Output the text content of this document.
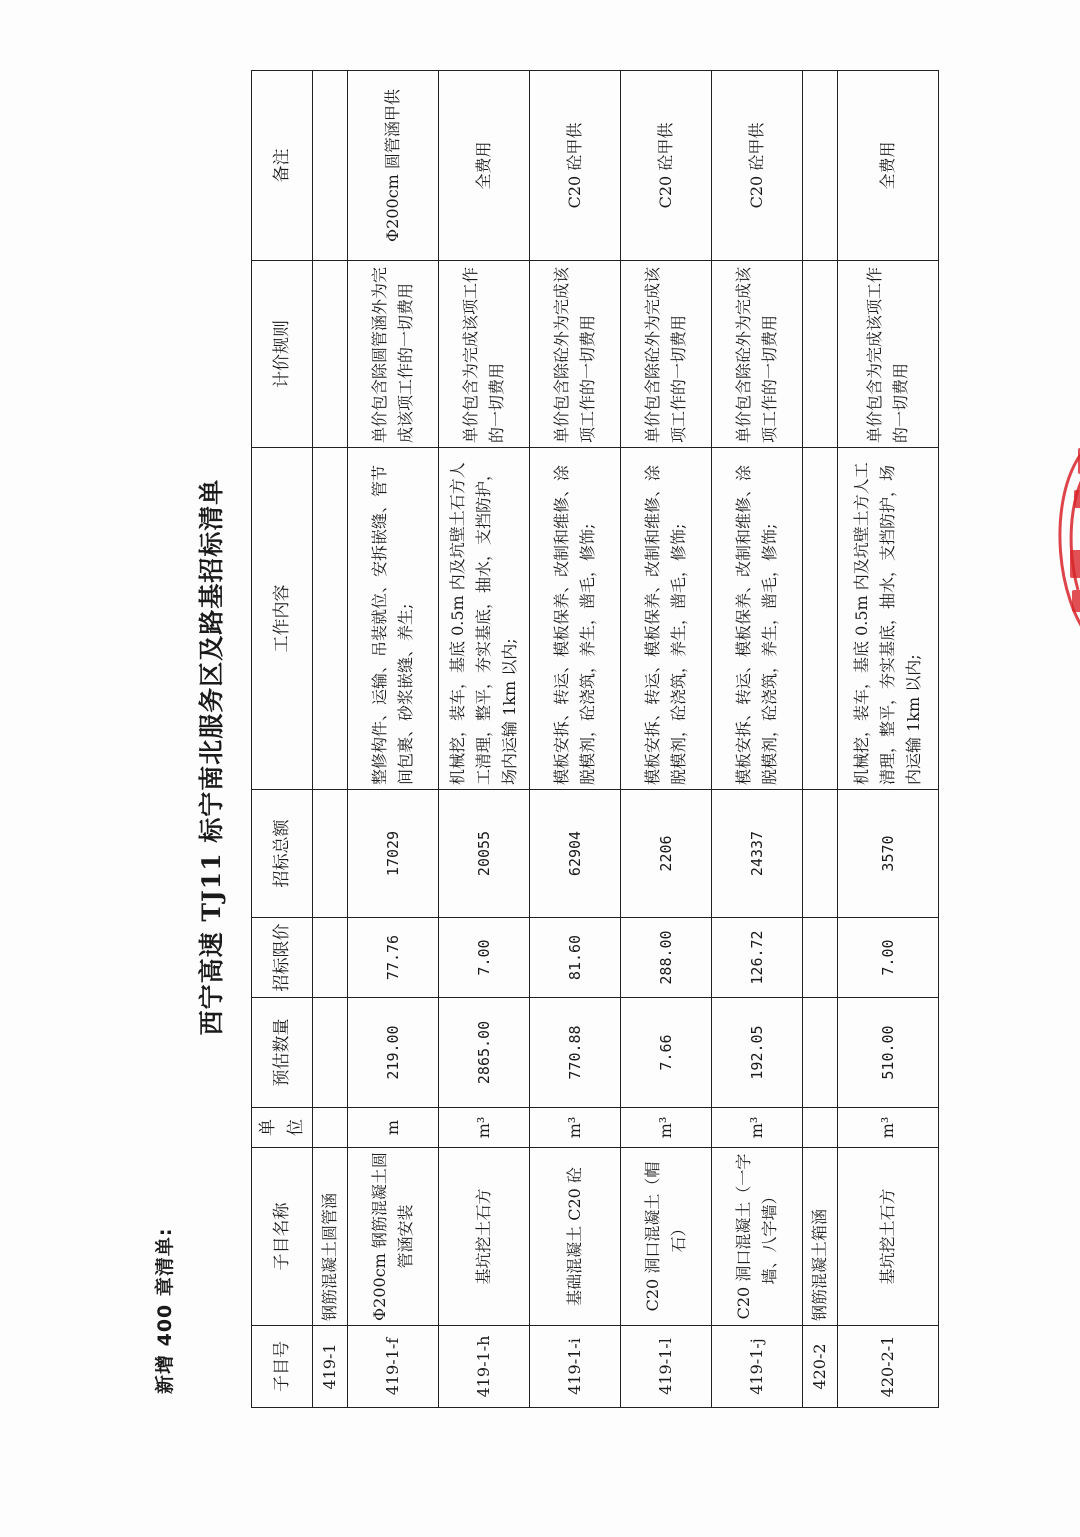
新增 400 章清单:
西宁高速 TJ11 标宁南北服务区及路基招标清单
子目号	子目名称	单位	预估数量	招标限价	招标总额	工作内容	计价规则	备注
419-1	钢筋混凝土圆管涵							
419-1-f	Φ200cm 钢筋混凝土圆管涵安装	m	219.00	77.76	17029	整修构件、运输、吊装就位、安拆嵌缝、管节间包裹、砂浆嵌缝、养生;	单价包含除圆管涵外为完成该项工作的一切费用	Φ200cm 圆管涵甲供
419-1-h	基坑挖土石方	m³	2865.00	7.00	20055	机械挖，装车，基底 0.5m 内及坑壁土石方人工清理，整平，夯实基底，抽水，支挡防护，场内运输 1km 以内;	单价包含为完成该项工作的一切费用	全费用
419-1-i	基础混凝土 C20 砼	m³	770.88	81.60	62904	模板安拆、转运、模板保养、改制和维修、涂脱模剂，砼浇筑，养生，凿毛，修饰;	单价包含除砼外为完成该项工作的一切费用	C20 砼甲供
419-1-l	C20 洞口混凝土（帽石）	m³	7.66	288.00	2206	模板安拆、转运、模板保养、改制和维修、涂脱模剂，砼浇筑，养生，凿毛，修饰;	单价包含除砼外为完成该项工作的一切费用	C20 砼甲供
419-1-j	C20 洞口混凝土（一字墙、八字墙）	m³	192.05	126.72	24337	模板安拆、转运、模板保养、改制和维修、涂脱模剂，砼浇筑，养生，凿毛，修饰;	单价包含除砼外为完成该项工作的一切费用	C20 砼甲供
420-2	钢筋混凝土箱涵							
420-2-1	基坑挖土石方	m³	510.00	7.00	3570	机械挖，装车，基底 0.5m 内及坑壁土方人工清理，整平，夯实基底，抽水，支挡防护，场内运输 1km 以内;	单价包含为完成该项工作的一切费用	全费用
